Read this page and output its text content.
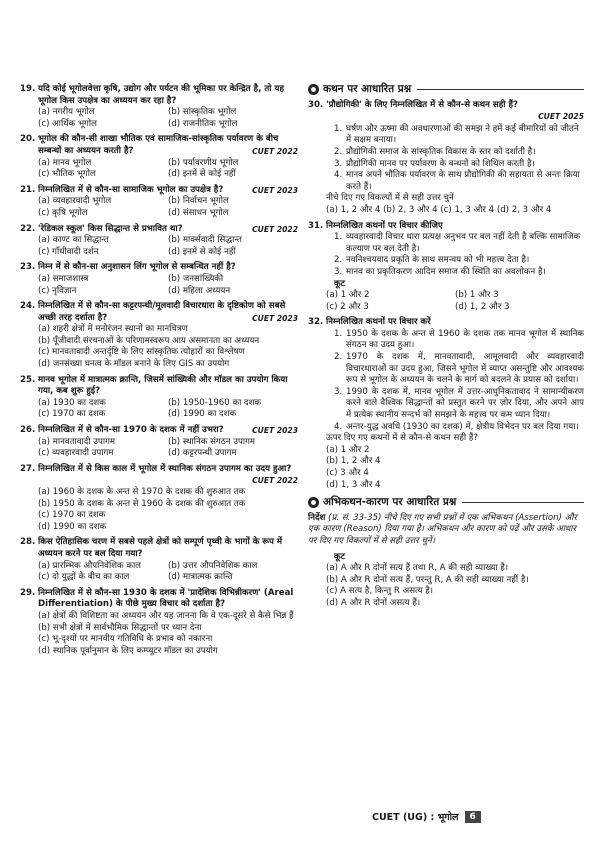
19. यदि कोई भूगोलवेत्ता कृषि, उद्योग और पर्यटन की भूमिका पर केन्द्रित है, तो यह भूगोल किस उपक्षेत्र का अध्ययन कर रहा है?
(a) नगरीय भूगोल	(b) सांस्कृतिक भूगोल
(c) आर्थिक भूगोल	(d) राजनीतिक भूगोल
20. भूगोल की कौन-सी शाखा भौतिक एवं सामाजिक-सांस्कृतिक पर्यावरण के बीच सम्बन्धों का अध्ययन करती है?	CUET 2022
(a) मानव भूगोल	(b) पर्यावरणीय भूगोल
(c) भौतिक भूगोल	(d) इनमें से कोई नहीं
21. निम्नलिखित में से कौन-सा सामाजिक भूगोल का उपक्षेत्र है?	CUET 2023
(a) व्यवहारवादी भूगोल	(b) निर्वाचन भूगोल
(c) कृषि भूगोल	(d) संसाधन भूगोल
22. 'रेडिकल स्कूल' किस सिद्धान्त से प्रभावित था?	CUET 2022
(a) काण्ट का सिद्धान्त	(b) मार्क्सवादी सिद्धान्त
(c) गाँधीवादी दर्शन	(d) इनमें से कोई नहीं
23. निम्न में से कौन-सा अनुशासन लिंग भूगोल से सम्बन्धित नहीं है?
(a) समाजशास्त्र	(b) जनसांख्यिकी
(c) नृविज्ञान	(d) महिला अध्ययन
24. निम्नलिखित में से कौन-सा कट्टरपन्थी/मूलवादी विचारधारा के दृष्टिकोण को सबसे अच्छी तरह दर्शाता है?	CUET 2023
(a) शहरी क्षेत्रों में मनोरंजन स्थानों का मानचित्रण
(b) पूँजीवादी संरचनाओं के परिणामस्वरूप आय असमानता का अध्ययन
(c) मानवतावादी अन्तर्दृष्टि के लिए सांस्कृतिक त्योहारों का विश्लेषण
(d) जनसंख्या घनत्व के मॉडल बनाने के लिए GIS का उपयोग
25. मानव भूगोल में मात्रात्मक क्रान्ति, जिसमें सांख्यिकी और मॉडल का उपयोग किया गया, कब शुरू हुई?
(a) 1930 का दशक	(b) 1950-1960 का दशक
(c) 1970 का दशक	(d) 1990 का दशक
26. निम्नलिखित में से कौन-सा 1970 के दशक में नहीं उभरा?	CUET 2023
(a) मानवतावादी उपागम	(b) स्थानिक संगठन उपागम
(c) व्यवहारवादी उपागम	(d) कट्टरपन्थी उपागम
27. निम्नलिखित में से किस काल में भूगोल में स्थानिक संगठन उपागम का उदय हुआ?
CUET 2022
(a) 1960 के दशक के अन्त से 1970 के दशक की शुरुआत तक
(b) 1950 के दशक के अन्त से 1960 के दशक की शुरुआत तक
(c) 1970 का दशक
(d) 1990 का दशक
28. किस ऐतिहासिक चरण में सबसे पहले क्षेत्रों को सम्पूर्ण पृथ्वी के भागों के रूप में अध्ययन करने पर बल दिया गया?
(a) प्रारम्भिक औपनिवेशिक काल	(b) उत्तर औपनिवेशिक काल
(c) दो युद्धों के बीच का काल	(d) मात्रात्मक क्रान्ति
29. निम्नलिखित में से कौन-सा 1930 के दशक में 'प्रादेशिक विभिन्नीकरण' (Areal Differentiation) के पीछे मुख्य विचार को दर्शाता है?
(a) क्षेत्रों की विशिष्टता का अध्ययन और यह जानना कि वे एक-दूसरे से कैसे भिन्न हैं
(b) सभी क्षेत्रों में सार्वभौमिक सिद्धान्तों पर ध्यान देना
(c) भू-दृश्यों पर मानवीय गतिविधि के प्रभाव को नकारना
(d) स्थानिक पूर्वानुमान के लिए कम्प्यूटर मॉडल का उपयोग
कथन पर आधारित प्रश्न
30. 'प्रौद्योगिकी' के लिए निम्नलिखित में से कौन-से कथन सही हैं?
CUET 2025
1. घर्षण और ऊष्मा की अवधारणाओं की समझ ने हमें कई बीमारियों को जीतने में सक्षम बनाया।
2. प्रौद्योगिकी समाज के सांस्कृतिक विकास के स्तर को दर्शाती है।
3. प्रौद्योगिकी मानव पर पर्यावरण के बन्धनों को शिथिल करती है।
4. मानव अपने भौतिक पर्यावरण के साथ प्रौद्योगिकी की सहायता से अन्तः क्रिया करते हैं।
नीचे दिए गए विकल्पों में से सही उत्तर चुनें
(a) 1, 2 और 4 (b) 2, 3 और 4 (c) 1, 3 और 4 (d) 2, 3 और 4
31. निम्नलिखित कथनों पर विचार कीजिए
1. व्यवहारवादी विचार धारा प्रत्यक्ष अनुभव पर बल नहीं देती है बल्कि सामाजिक कल्याण पर बल देती है।
2. नवनिश्चयवाद प्रकृति के साथ समन्वय को भी महत्त्व देता है।
3. मानव का प्रकृतिकरण आदिम समाज की स्थिति का अवलोकन है।
कूट
(a) 1 और 2	(b) 1 और 3
(c) 2 और 3	(d) 1, 2 और 3
32. निम्नलिखित कथनों पर विचार करें
1. 1950 के दशक के अन्त से 1960 के दशक तक मानव भूगोल में स्थानिक संगठन का उदय हुआ।
2. 1970 के दशक में, मानवतावादी, आमूलवादी और व्यवहारवादी विचारधाराओं का उदय हुआ, जिसने भूगोल में व्याप्त असन्तुष्टि और आवश्यक रूप से भूगोल के अध्ययन के चलने के मार्ग को बदलने के प्रयास को दर्शाया।
3. 1990 के दशक में, मानव भूगोल में उत्तर-आधुनिकतावाद ने सामान्यीकरण करने वाले वैश्विक सिद्धान्तों को प्रस्तुत करने पर ज़ोर दिया, और अपने आप में प्रत्येक स्थानीय सन्दर्भ को समझने के महत्त्व पर कम ध्यान दिया।
4. अन्तर-युद्ध अवधि (1930 का दशक) में, क्षेत्रीय विभेदन पर बल दिया गया।
ऊपर दिए गए कथनों में से कौन-से कथन सही हैं?
(a) 1 और 2
(b) 1, 2 और 4
(c) 3 और 4
(d) 1, 3 और 4
अभिकथन-कारण पर आधारित प्रश्न
निर्देश (प्र. सं. 33-35) नीचे दिए गए सभी प्रश्नों में एक अभिकथन (Assertion) और एक कारण (Reason) दिया गया है। अभिकथन और कारण को पढ़ें और उसके आधार पर दिए गए विकल्पों में से सही उत्तर चुनें।
कूट
(a) A और R दोनों सत्य हैं तथा R, A की सही व्याख्या है।
(b) A और R दोनों सत्य हैं, परन्तु R, A की सही व्याख्या नहीं है।
(c) A सत्य है, किन्तु R असत्य है।
(d) A और R दोनों असत्य हैं।
CUET (UG) : भूगोल	6
